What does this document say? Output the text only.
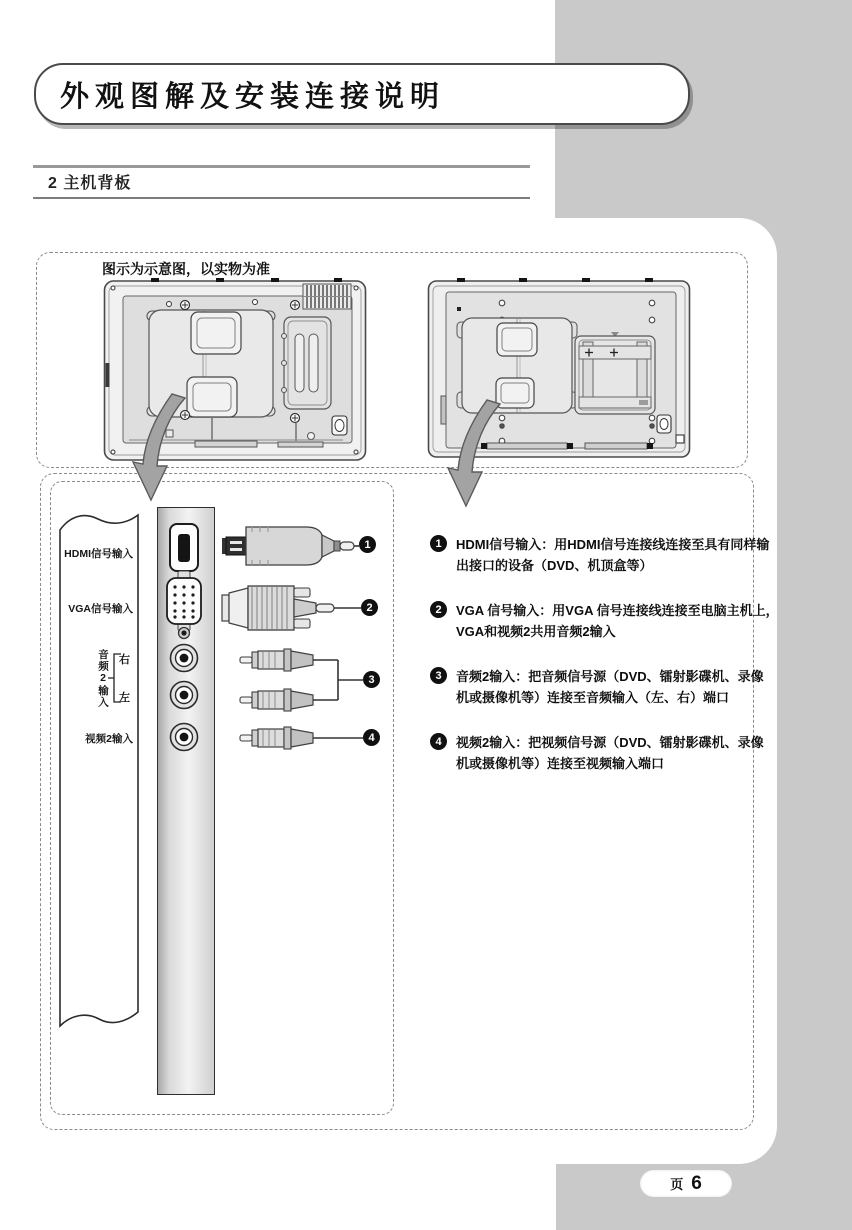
外观图解及安装连接说明
2 主机背板
图示为示意图，以实物为准
HDMI信号输入
VGA信号输入
音频2输入 右
左
视频2输入
1
2
3
4
1	HDMI信号输入：用HDMI信号连接线连接至具有同样输
出接口的设备（DVD、机顶盒等）
2	VGA 信号输入：用VGA 信号连接线连接至电脑主机上，
VGA和视频2共用音频2输入
3	音频2输入：把音频信号源（DVD、镭射影碟机、录像
机或摄像机等）连接至音频输入（左、右）端口
4	视频2输入：把视频信号源（DVD、镭射影碟机、录像
机或摄像机等）连接至视频输入端口
页 6
